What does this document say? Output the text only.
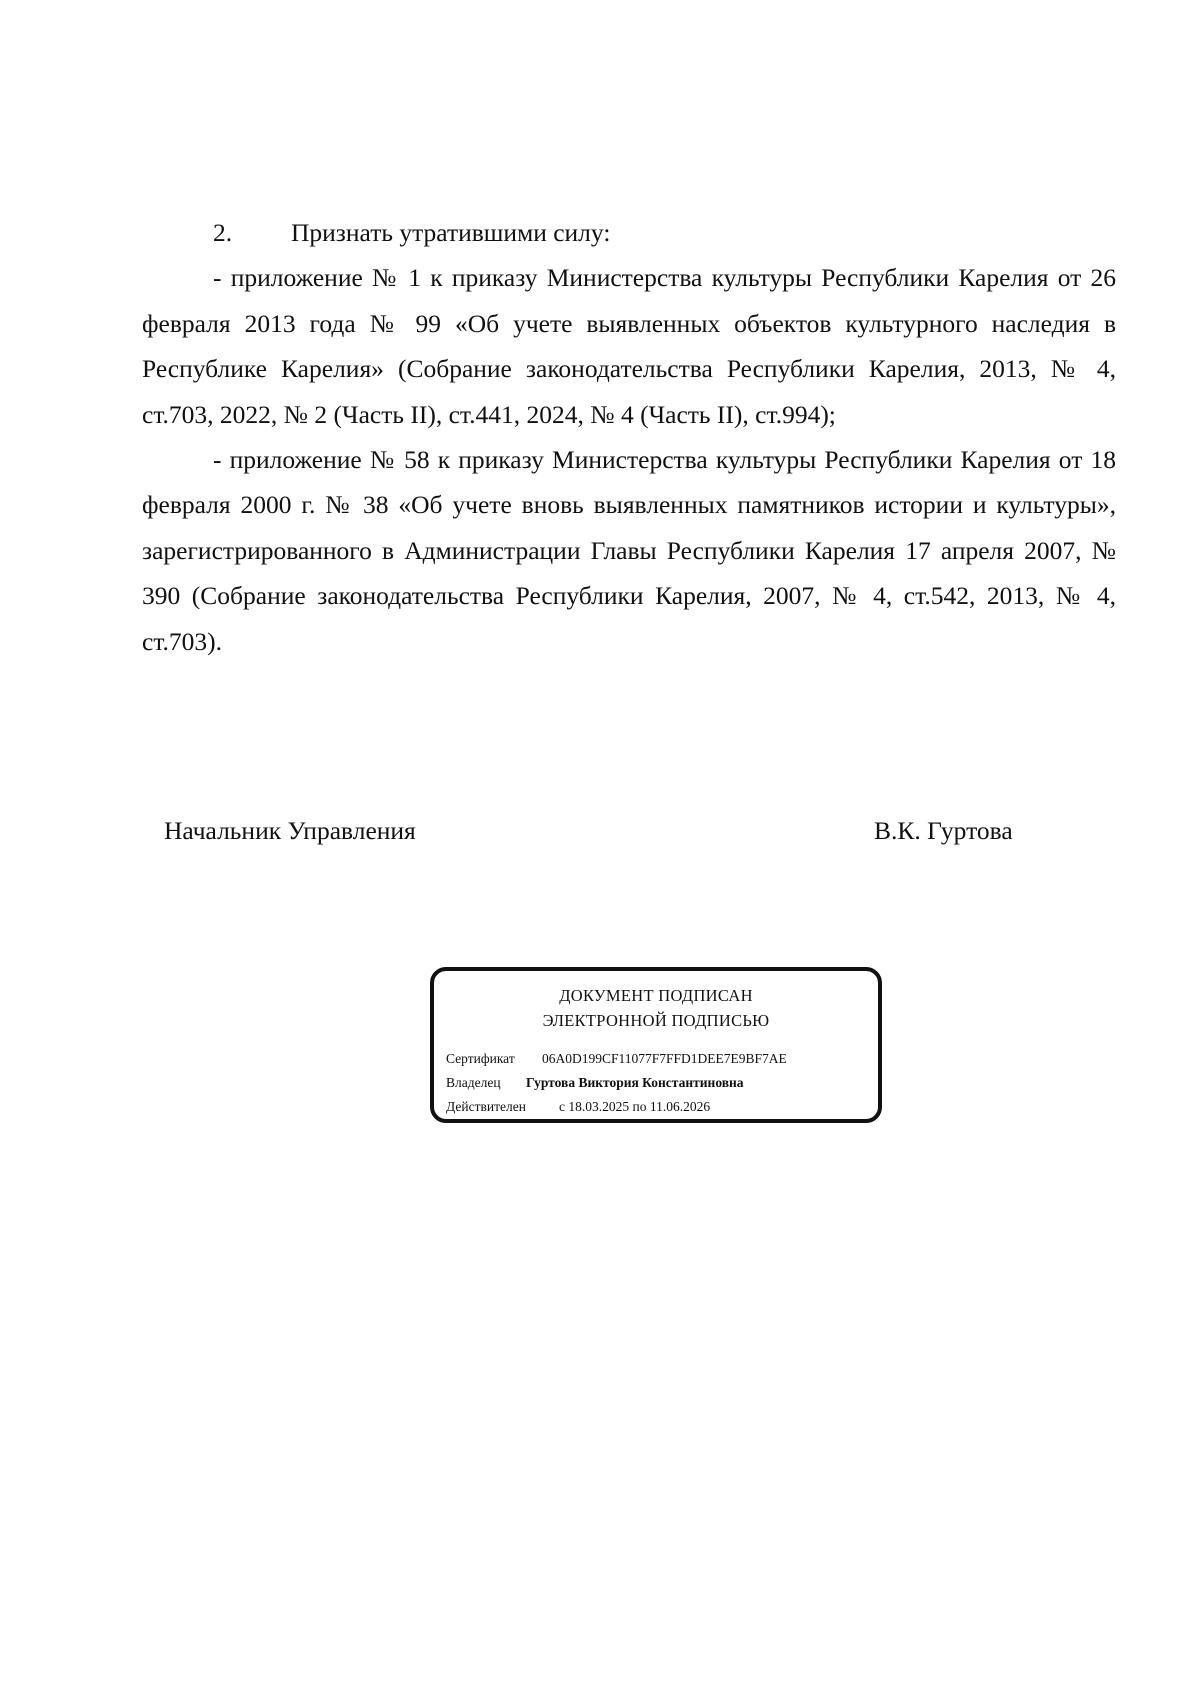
2.	Признать утратившими силу:

- приложение № 1 к приказу Министерства культуры Республики Карелия от 26 февраля 2013 года № 99 «Об учете выявленных объектов культурного наследия в Республике Карелия» (Собрание законодательства Республики Карелия, 2013, № 4, ст.703, 2022, № 2 (Часть II), ст.441, 2024, № 4 (Часть II), ст.994);

- приложение № 58 к приказу Министерства культуры Республики Карелия от 18 февраля 2000 г. № 38 «Об учете вновь выявленных памятников истории и культуры», зарегистрированного в Администрации Главы Республики Карелия 17 апреля 2007, № 390 (Собрание законодательства Республики Карелия, 2007, № 4, ст.542, 2013, № 4, ст.703).

Начальник Управления	В.К. Гуртова
ДОКУМЕНТ ПОДПИСАН
ЭЛЕКТРОННОЙ ПОДПИСЬЮ
Сертификат 06A0D199CF11077F7FFD1DEE7E9BF7AE
Владелец Гуртова Виктория Константиновна
Действителен с 18.03.2025 по 11.06.2026
